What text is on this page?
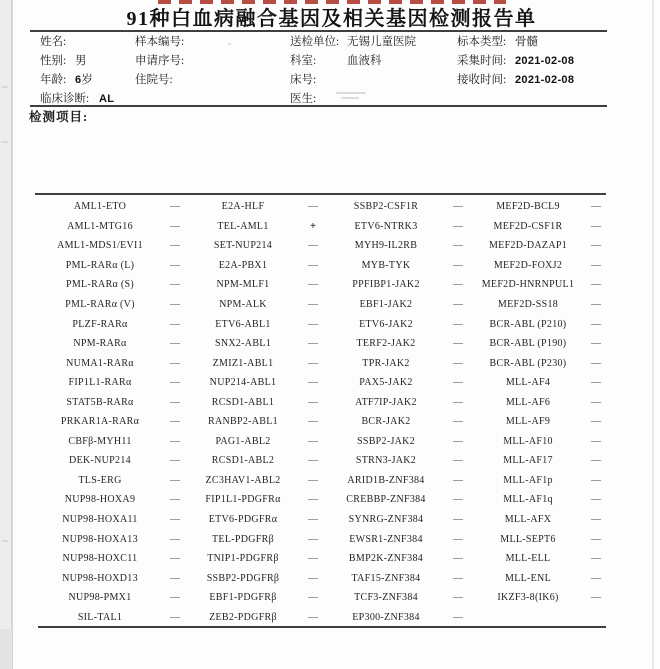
91种白血病融合基因及相关基因检测报告单
姓名:	样本编号:	送检单位: 无锡儿童医院	标本类型: 骨髓
性别: 男	申请序号:	科室:	血液科	采集时间: 2021-02-08
年龄: 6岁	住院号:	床号:	接收时间: 2021-02-08
临床诊断: AL	医生:
检测项目:
AML1-ETO	—	E2A-HLF	—	SSBP2-CSF1R	—	MEF2D-BCL9	—
AML1-MTG16	—	TEL-AML1	+	ETV6-NTRK3	—	MEF2D-CSF1R	—
AML1-MDS1/EVI1	—	SET-NUP214	—	MYH9-IL2RB	—	MEF2D-DAZAP1	—
PML-RARα (L)	—	E2A-PBX1	—	MYB-TYK	—	MEF2D-FOXJ2	—
PML-RARα (S)	—	NPM-MLF1	—	PPFIBP1-JAK2	—	MEF2D-HNRNPUL1	—
PML-RARα (V)	—	NPM-ALK	—	EBF1-JAK2	—	MEF2D-SS18	—
PLZF-RARα	—	ETV6-ABL1	—	ETV6-JAK2	—	BCR-ABL (P210)	—
NPM-RARα	—	SNX2-ABL1	—	TERF2-JAK2	—	BCR-ABL (P190)	—
NUMA1-RARα	—	ZMIZ1-ABL1	—	TPR-JAK2	—	BCR-ABL (P230)	—
FIP1L1-RARα	—	NUP214-ABL1	—	PAX5-JAK2	—	MLL-AF4	—
STAT5B-RARα	—	RCSD1-ABL1	—	ATF7IP-JAK2	—	MLL-AF6	—
PRKAR1A-RARα	—	RANBP2-ABL1	—	BCR-JAK2	—	MLL-AF9	—
CBFβ-MYH11	—	PAG1-ABL2	—	SSBP2-JAK2	—	MLL-AF10	—
DEK-NUP214	—	RCSD1-ABL2	—	STRN3-JAK2	—	MLL-AF17	—
TLS-ERG	—	ZC3HAV1-ABL2	—	ARID1B-ZNF384	—	MLL-AF1p	—
NUP98-HOXA9	—	FIP1L1-PDGFRα	—	CREBBP-ZNF384	—	MLL-AF1q	—
NUP98-HOXA11	—	ETV6-PDGFRα	—	SYNRG-ZNF384	—	MLL-AFX	—
NUP98-HOXA13	—	TEL-PDGFRβ	—	EWSR1-ZNF384	—	MLL-SEPT6	—
NUP98-HOXC11	—	TNIP1-PDGFRβ	—	BMP2K-ZNF384	—	MLL-ELL	—
NUP98-HOXD13	—	SSBP2-PDGFRβ	—	TAF15-ZNF384	—	MLL-ENL	—
NUP98-PMX1	—	EBF1-PDGFRβ	—	TCF3-ZNF384	—	IKZF3-8(IK6)	—
SIL-TAL1	—	ZEB2-PDGFRβ	—	EP300-ZNF384	—
